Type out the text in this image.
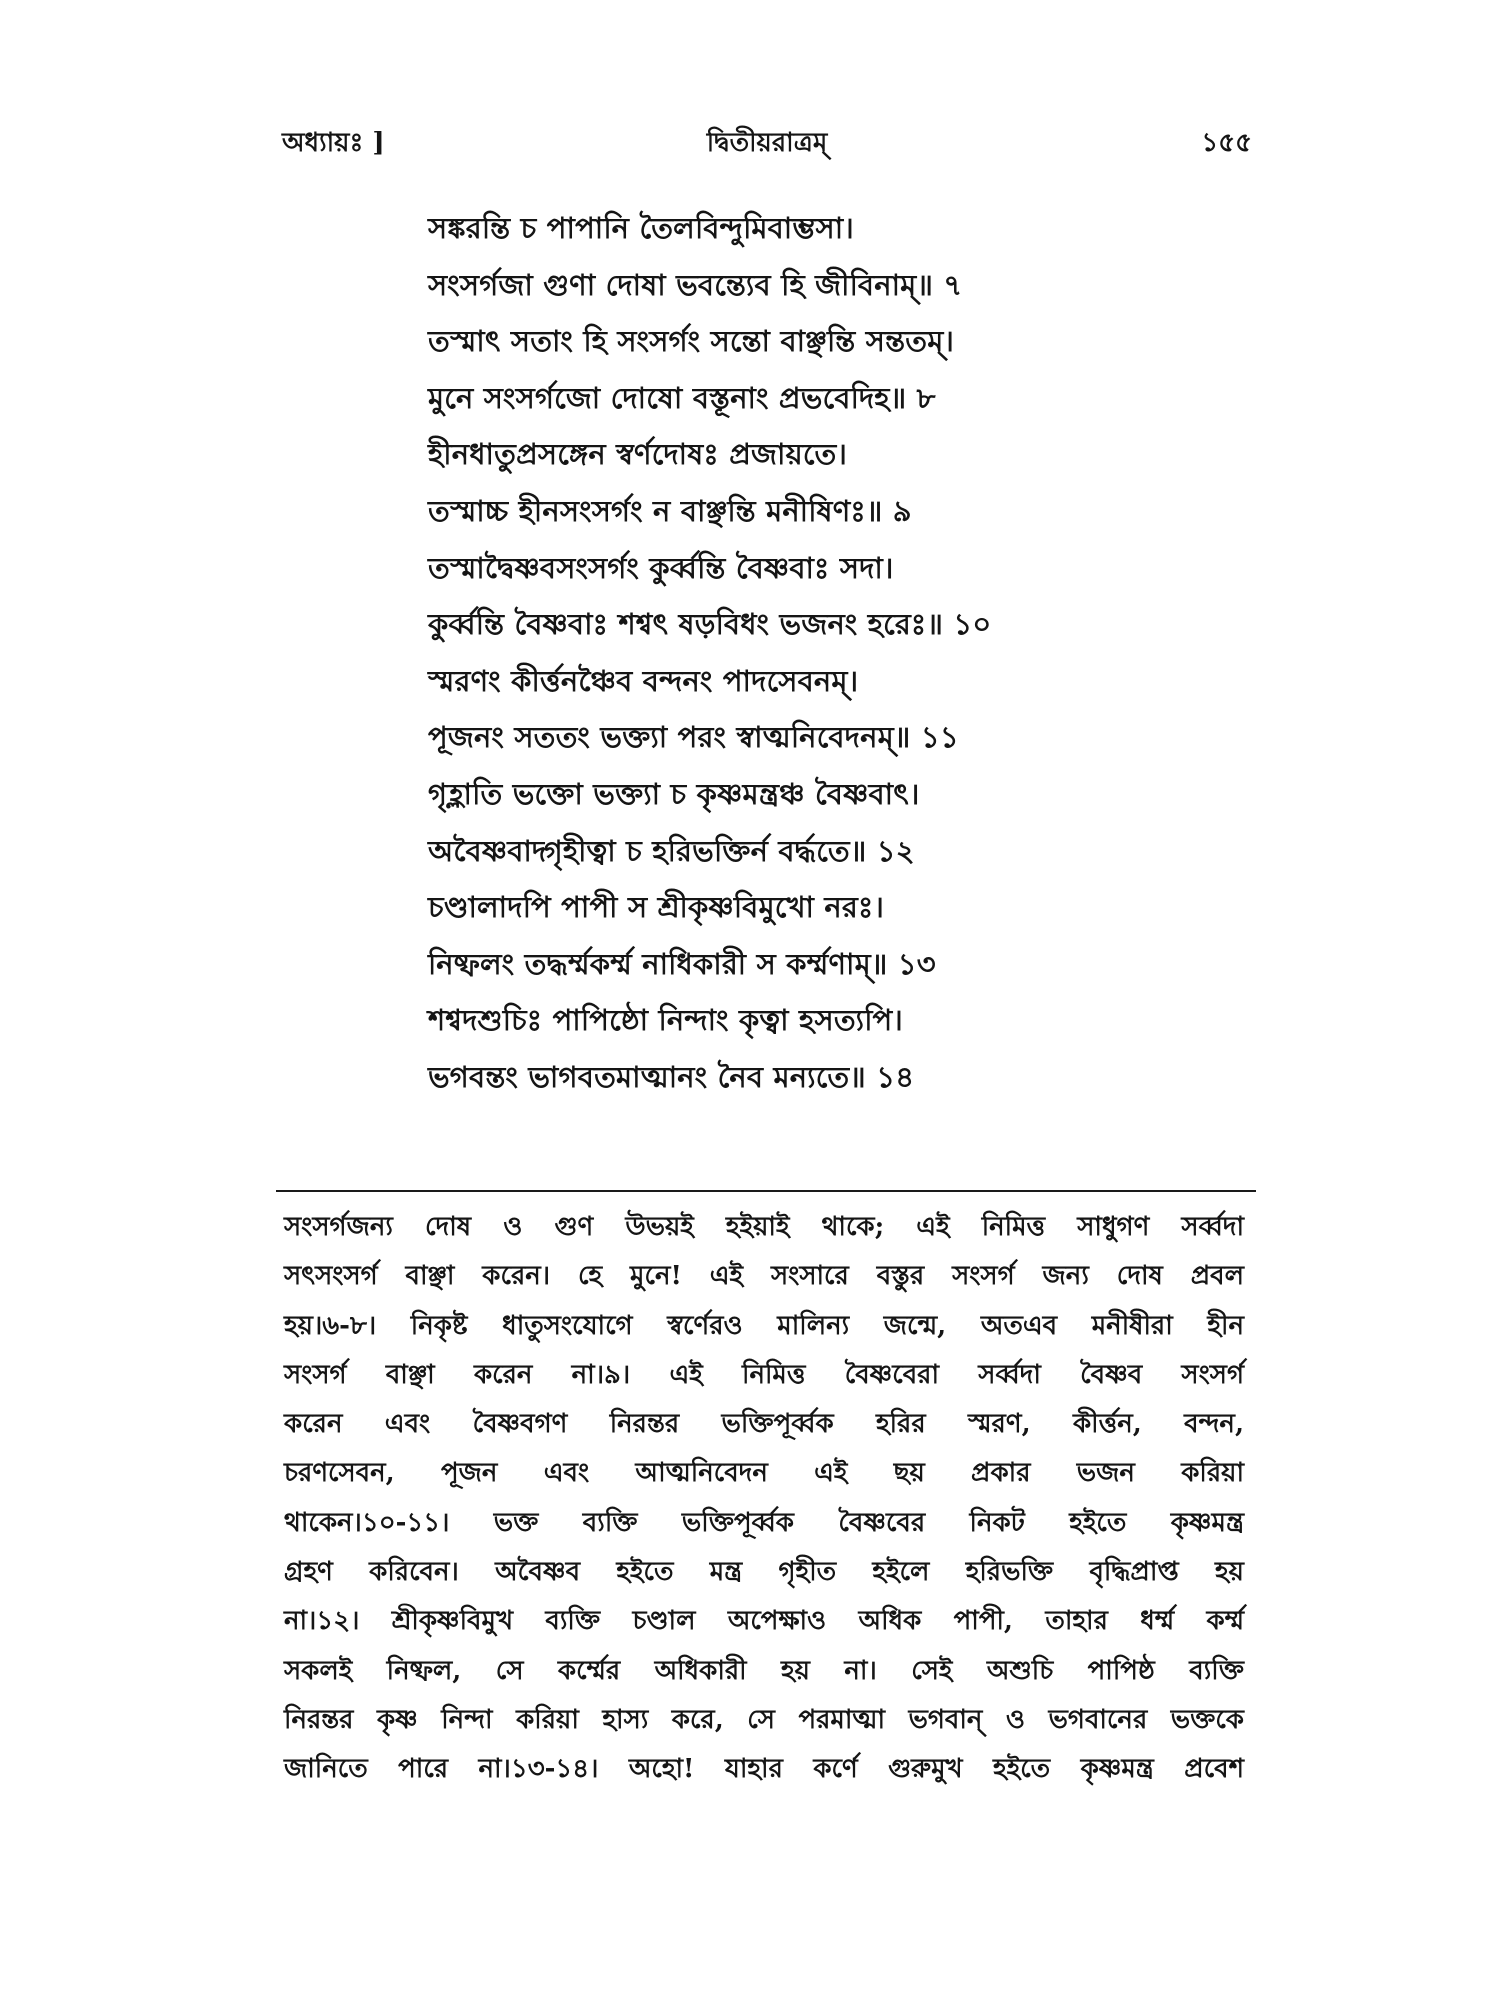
অধ্যায়ঃ ]	দ্বিতীয়রাত্রম্	১৫৫
সঙ্করন্তি চ পাপানি তৈলবিন্দুমিবাম্ভসা।
সংসর্গজা গুণা দোষা ভবন্ত্যেব হি জীবিনাম্॥ ৭
তস্মাৎ সতাং হি সংসর্গং সন্তো বাঞ্ছন্তি সন্ততম্।
মুনে সংসর্গজো দোষো বস্তূনাং প্রভবেদিহ॥ ৮
হীনধাতুপ্রসঙ্গেন স্বর্ণদোষঃ প্রজায়তে।
তস্মাচ্চ হীনসংসর্গং ন বাঞ্ছন্তি মনীষিণঃ॥ ৯
তস্মাদ্বৈষ্ণবসংসর্গং কুর্ব্বন্তি বৈষ্ণবাঃ সদা।
কুর্ব্বন্তি বৈষ্ণবাঃ শশ্বৎ ষড়বিধং ভজনং হরেঃ॥ ১০
স্মরণং কীর্ত্তনঞ্চৈব বন্দনং পাদসেবনম্।
পূজনং সততং ভক্ত্যা পরং স্বাত্মনিবেদনম্॥ ১১
গৃহ্লাতি ভক্তো ভক্ত্যা চ কৃষ্ণমন্ত্রঞ্চ বৈষ্ণবাৎ।
অবৈষ্ণবাদ্গৃহীত্বা চ হরিভক্তির্ন বর্দ্ধতে॥ ১২
চণ্ডালাদপি পাপী স শ্রীকৃষ্ণবিমুখো নরঃ।
নিষ্ফলং তদ্ধর্ম্মকর্ম্ম নাধিকারী স কর্ম্মণাম্॥ ১৩
শশ্বদশুচিঃ পাপিষ্ঠো নিন্দাং কৃত্বা হসত্যপি।
ভগবন্তং ভাগবতমাত্মানং নৈব মন্যতে॥ ১৪
সংসর্গজন্য দোষ ও গুণ উভয়ই হইয়াই থাকে; এই নিমিত্ত সাধুগণ সর্ব্বদা
সৎসংসর্গ বাঞ্ছা করেন। হে মুনে! এই সংসারে বস্তুর সংসর্গ জন্য দোষ প্রবল
হয়।৬-৮। নিকৃষ্ট ধাতুসংযোগে স্বর্ণেরও মালিন্য জন্মে, অতএব মনীষীরা হীন
সংসর্গ বাঞ্ছা করেন না।৯। এই নিমিত্ত বৈষ্ণবেরা সর্ব্বদা বৈষ্ণব সংসর্গ
করেন এবং বৈষ্ণবগণ নিরন্তর ভক্তিপূর্ব্বক হরির স্মরণ, কীর্ত্তন, বন্দন,
চরণসেবন, পূজন এবং আত্মনিবেদন এই ছয় প্রকার ভজন করিয়া
থাকেন।১০-১১। ভক্ত ব্যক্তি ভক্তিপূর্ব্বক বৈষ্ণবের নিকট হইতে কৃষ্ণমন্ত্র
গ্রহণ করিবেন। অবৈষ্ণব হইতে মন্ত্র গৃহীত হইলে হরিভক্তি বৃদ্ধিপ্রাপ্ত হয়
না।১২। শ্রীকৃষ্ণবিমুখ ব্যক্তি চণ্ডাল অপেক্ষাও অধিক পাপী, তাহার ধর্ম্ম কর্ম্ম
সকলই নিষ্ফল, সে কর্ম্মের অধিকারী হয় না। সেই অশুচি পাপিষ্ঠ ব্যক্তি
নিরন্তর কৃষ্ণ নিন্দা করিয়া হাস্য করে, সে পরমাত্মা ভগবান্ ও ভগবানের ভক্তকে
জানিতে পারে না।১৩-১৪। অহো! যাহার কর্ণে গুরুমুখ হইতে কৃষ্ণমন্ত্র প্রবেশ
